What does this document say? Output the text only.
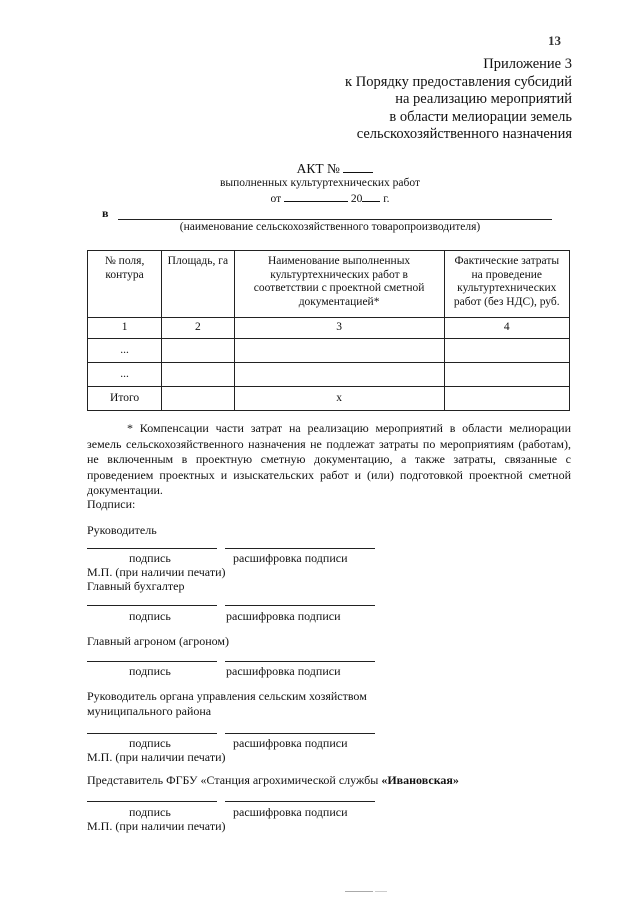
13
Приложение 3
к Порядку предоставления субсидий
на реализацию мероприятий
в области мелиорации земель
сельскохозяйственного назначения
АКТ №
выполненных культуртехнических работ
от	20 г.
в
(наименование сельскохозяйственного товаропроизводителя)
№ поля, контура	Площадь, га	Наименование выполненных культуртехнических работ в соответствии с проектной сметной документацией*	Фактические затраты на проведение культуртехнических работ (без НДС), руб.
1	2	3	4
...			
...			
Итого		x	
* Компенсации части затрат на реализацию мероприятий в области мелиорации земель сельскохозяйственного назначения не подлежат затраты по мероприятиям (работам), не включенным в проектную сметную документацию, а также затраты, связанные с проведением проектных и изыскательских работ и (или) подготовкой проектной сметной документации.
Подписи:
Руководитель
подпись	расшифровка подписи
М.П. (при наличии печати)
Главный бухгалтер
подпись	расшифровка подписи
Главный агроном (агроном)
подпись	расшифровка подписи
Руководитель органа управления сельским хозяйством
муниципального района
подпись	расшифровка подписи
М.П. (при наличии печати)
Представитель ФГБУ «Станция агрохимической службы «Ивановская»
подпись	расшифровка подписи
М.П. (при наличии печати)
